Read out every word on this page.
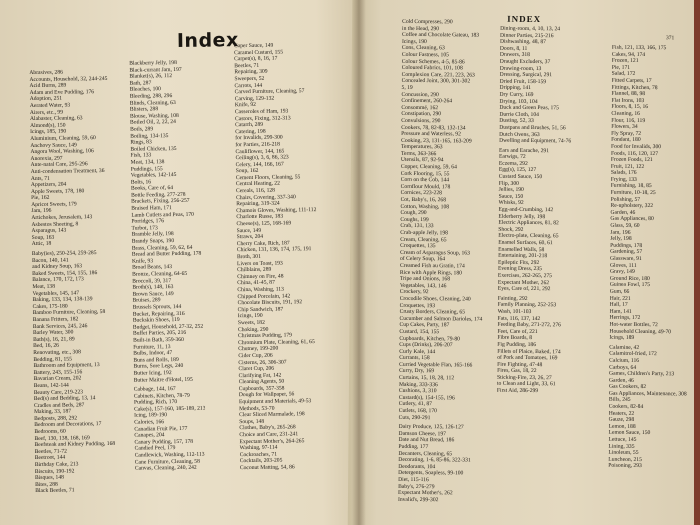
Index
Abrasives, 286
Accounts, Household, 32, 244-245
Acid Burns, 289
Adam and Eve Pudding, 176
Adoption, 251
Aerated Water, 93
Airers, etc., 99
Alabaster, Cleaning, 63
Almond(s), 150
Icings, 185, 190
Aluminium, Cleaning, 59, 60
Anchovy Sauce, 149
Angora Wool, Washing, 106
Anorexia, 297
Ante-natal Care, 295-296
Anti-condensation Treatment, 36
Ants, 71
Appetizers, 204
Apple Sweets, 178, 180
Pie, 162
Apricot Sweets, 179
Jam, 196
Artichokes, Jerusalem, 143
Asbestos Sheeting, 8
Asparagus, 143
Soup, 163
Attic, 18
Baby(ies), 250-254, 259-285
Bacon, 140, 141
and Kidney Soup, 163
Baked Sweets, 154, 155, 186
Balance, 170, 172, 173
Meat, 138
Vegetables, 145, 147
Baking, 133, 134, 138-139
Cakes, 175-180
Bamboo Furniture, Cleaning, 58
Banana Fritters, 182
Bank Services, 245, 246
Barley Water, 300
Bath(s), 16, 21, 89
Bed, 16, 26
Renovating, etc., 308
Bedding, 81, 155
Bathroom and Equipment, 13
Battery, 243, 155-156
Bavarian Cream, 202
Beans, 142-144
Beauty Care, 219-223
Bed(s) and Bedding, 13, 14
Cradles and Beds, 287
Making, 33, 187
Bedposts, 288, 292
Bedroom and Decorations, 17
Bedrooms, 60
Beef, 130, 138, 168, 169
Beefsteak and Kidney Pudding, 168
Beetles, 71-72
Beetroot, 144
Birthday Cake, 213
Biscuits, 190-192
Bisques, 148
Bites, 288
Black Beetles, 71
Blackberry Jelly, 198
Black-currant Jam, 197
Blanket(s), 26, 112
Bath, 287
Bleaches, 100
Bleeding, 288, 296
Blinds, Cleaning, 63
Blisters, 288
Blouse, Washing, 108
Boiled Oil, 2, 22, 24
Boils, 289
Boiling, 134-135
Rings, 83
Boiled Chicken, 135
Fish, 133
Meat, 134, 138
Puddings, 155
Vegetables, 142-145
Bolts, 16
Books, Care of, 64
Bottle Feeding, 277-278
Brackets, Fixing, 256-257
Braised Ham, 171
Lamb Cutlets and Peas, 170
Porridges, 176
Turbot, 173
Bramble Jelly, 198
Brandy Snaps, 190
Brass, Cleaning, 59, 62, 64
Bread and Butter Pudding, 178
Knife, 93
Broad Beans, 143
Bronze, Cleaning, 64-65
Broccoli, 39, 317
Broth(s), 148, 163
Brown Sauce, 149
Bruises, 289
Brussels Sprouts, 144
Bucket, Repairing, 316
Buckskin Shoes, 119
Budget, Household, 27-32, 252
Buffet Parties, 205, 216
Built-in Bath, 359-360
Furniture, 11, 13
Bulbs, Indoor, 47
Buns and Rolls, 189
Burns, Sore Legs, 240
Butter Icing, 192
Butter Maitre d'Hotel, 195
Cabbage, 144, 167
Cabinets, Kitchen, 78-79
Pudding, Rich, 170
Cake(s), 157-160, 185-189, 213
Icing, 189-190
Calories, 166
Canadian Fruit Pie, 177
Canapes, 204
Canary Pudding, 157, 178
Candied Peel, 179
Candlewick, Washing, 112-113
Cane Furniture, Cleaning, 58
Canvas, Cleaning, 240, 242
Caper Sauce, 149
Caramel Custard, 155
Carpet(s), 8, 16, 17
Beetles, 71
Repairing, 309
Sweepers, 52
Carrots, 144
Carved Furniture, Cleaning, 57
Carving, 129-132
Knife, 92
Casseroles of Ham, 193
Castors, Fixing, 312-313
Catarrh, 289
Catering, 198
for Invalids, 299-300
for Parties, 216-218
Cauliflower, 144, 165
Ceiling(s), 3, 6, 86, 323
Celery, 144, 166, 167
Soup, 162
Cement Floors, Cleaning, 55
Central Heating, 22
Cereals, 116, 128
Chairs, Covering, 337-340
Repairing, 319-324
Chamois Gloves, Washing, 111-112
Charlotte Russe, 183
Cheese(s), 125, 168-169
Sauce, 149
Straws, 204
Cherry Cake, Rich, 187
Chicken, 131, 136, 174, 175, 191
Broth, 301
Livers on Toast, 193
Chilblains, 289
Chimney on Fire, 48
China, 41-45, 87
China, Washing, 113
Chipped Porcelain, 142
Chocolate Biscuits, 191, 192
Chip Sandwich, 187
Icings, 190
Sweets, 182
Choking, 290
Christmas Pudding, 179
Chromium Plate, Cleaning, 61, 65
Chutney, 199-200
Cider Cup, 206
Cisterns, 26, 306-307
Claret Cup, 206
Clarifying Fat, 142
Cleaning Agents, 50
Cupboards, 357-358
Dough for Wallpaper, 56
Equipment and Materials, 49-53
Methods, 53-70
Clear Sliced Marmalade, 198
Soups, 148
Clothes, Baby's, 265-268
Choice and Care, 231-241
Expectant Mother's, 264-265
Washing, 97-114
Cockroaches, 71
Cocktails, 203-205
Coconut Matting, 54, 86
INDEX
371
Cold Compresses, 290
in the Head, 290
Coffee and Chocolate Gateau, 183
Icings, 190
Cons, Cleaning, 63
Colour Fastness, 105
Colour Schemes, 4-5, 85-86
Coloured Fabrics, 101, 108
Complexion Care, 221, 223, 263
Concealed Joint, 300, 301-302
5, 19
Concussion, 290
Confinement, 260-264
Consommé, 162
Constipation, 290
Convulsions, 290
Cookers, 78, 82-83, 132-134
Pressure and Waterless, 92
Cooking, 23, 131-165, 163-209
Temperatures, 363
Terms, 363-366
Utensils, 87, 92-94
Copper, Cleaning, 59, 64
Cork Flooring, 15, 55
Corn on the Cob, 144
Cornflour Mould, 178
Cornices, 223-228
Cot, Baby's, 16, 268
Cotton, Washing, 108
Cough, 290
Coughs, 199
Crab, 131, 133
Crab-apple Jelly, 198
Cream, Cleaning, 65
Croquettes, 135
Cream of Asparagus Soup, 163
of Celery Soup, 164
Creamed Fish au Gratin, 174
Rice with Apple Rings, 180
Tripe and Onions, 168
Vegetables, 143, 146
Crockery, 92
Crocodile Shoes, Cleaning, 240
Croquettes, 193
Crusty Borders, Cleaning, 65
Cucumber and Salmon Darioles, 174
Cup Cakes, Party, 187
Custard, 154, 155
Cupboards, Kitchen, 79-80
Cups (Drinks), 206-207
Curly Kale, 144
Currants, 158
Curried Vegetable Flan, 165-166
Curry, Dry, 169
Curtains, 15, 18, 28, 112
Making, 333-336
Cushions, 3, 310
Custard(s), 154-155, 196
Cutlery, 41, 87
Cutlets, 168, 170
Cuts, 290-291
Dairy Produce, 125, 126-127
Damson Cheese, 197
Date and Nut Bread, 186
Pudding, 177
Decanters, Cleaning, 65
Decorating, 1-6, 85-86, 322-331
Deodorants, 104
Detergents, Soapless, 99-100
Diet, 115-116
Baby's, 276-279
Expectant Mother's, 262
Invalid's, 299-302
Dining-room, 4, 10, 13, 24
Dinner Parties, 215-216
Dishwashing, 48, 87
Doors, 8, 11
Drawers, 318
Draught Excluders, 37
Drawing-room, 13
Dressing, Surgical, 291
Dried Fruit, 158-159
Dripping, 141
Dry Curry, 169
Drying, 103, 104
Duck and Green Peas, 175
Durrie Cloth, 104
Dusting, 52, 33
Dustpans and Brushes, 51, 56
Dutch Ovens, 363
Dwelling and Equipment, 74-76
Ears and Earache, 291
Earwigs, 72
Eczema, 292
Egg(s), 125, 127
Custard Sauce, 150
Flip, 300
Jellies, 190
Sauce, 150
Whisks, 92
Egg-and-Crumbing, 142
Elderberry Jelly, 198
Electric Appliances, 81, 82
Shock, 292
Electro-plate, Cleaning, 65
Enamel Surfaces, 60, 61
Enamelled Walls, 58
Entertaining, 201-218
Epileptic Fits, 292
Evening Dress, 235
Exercises, 262-265, 275
Expectant Mother, 262
Eyes, Care of, 221, 292
Fainting, 292
Family Planning, 252-253
Wash, 101-103
Fats, 116, 137, 142
Feeding Baby, 271-272, 276
Feet, Care of, 221
Fibre Boards, 8
Fig Pudding, 186
Fillets of Plaice, Baked, 174
of Pork and Tomatoes, 169
Fire Fighting, 47-48
Fires, Gas, 18, 22
Sticking-Fire, 23, 26, 27
to Clean and Light, 33, 61
First Aid, 286-299
Fish, 121, 133, 166, 175
Cakes, 94, 174
Frozen, 121
Pie, 171
Salad, 172
Fitted Carpets, 17
Fittings, Kitchen, 78
Flannel, 88, 98
Flat Irons, 103
Floors, 8, 15, 16
Cleaning, 16
Flour, 116, 119
Flowers, 34
Fly Spray, 72
Fondant, 180
Food for Invalids, 300
Foods, 116, 120, 127
Frozen Foods, 121
Fruit, 121, 122
Salads, 176
Frying, 133
Furnishing, 18, 85
Furniture, 10-18, 25
Polishing, 57
Re-upholstery, 322
Garden, 46
Gas Appliances, 80
Glass, 59, 60
Jam, 196
Jelly, 198
Puddings, 178
Gardening, 57
Glassware, 91
Gloves, 111
Gravy, 149
Ground Rice, 180
Guinea Fowl, 175
Gum, 66
Hair, 221
Hall, 17
Ham, 141
Herrings, 172
Hot-water Bottles, 72
Household Cleaning, 49-70
Icings, 189
Calamine, 42
Calamitrol-fried, 172
Calcium, 116
Carboys, 64
Games, Children's Party, 213
Garden, 46
Gas Cookers, 82
Gas Appliances, Maintenance, 308
Bills, 245
Cookers, 82-84
Heaters, 22
Gauze, 298
Lemon, 188
Lemon Sauce, 150
Lettuce, 145
Lining, 335
Linoleum, 55
Luncheon, 215
Poisoning, 293
